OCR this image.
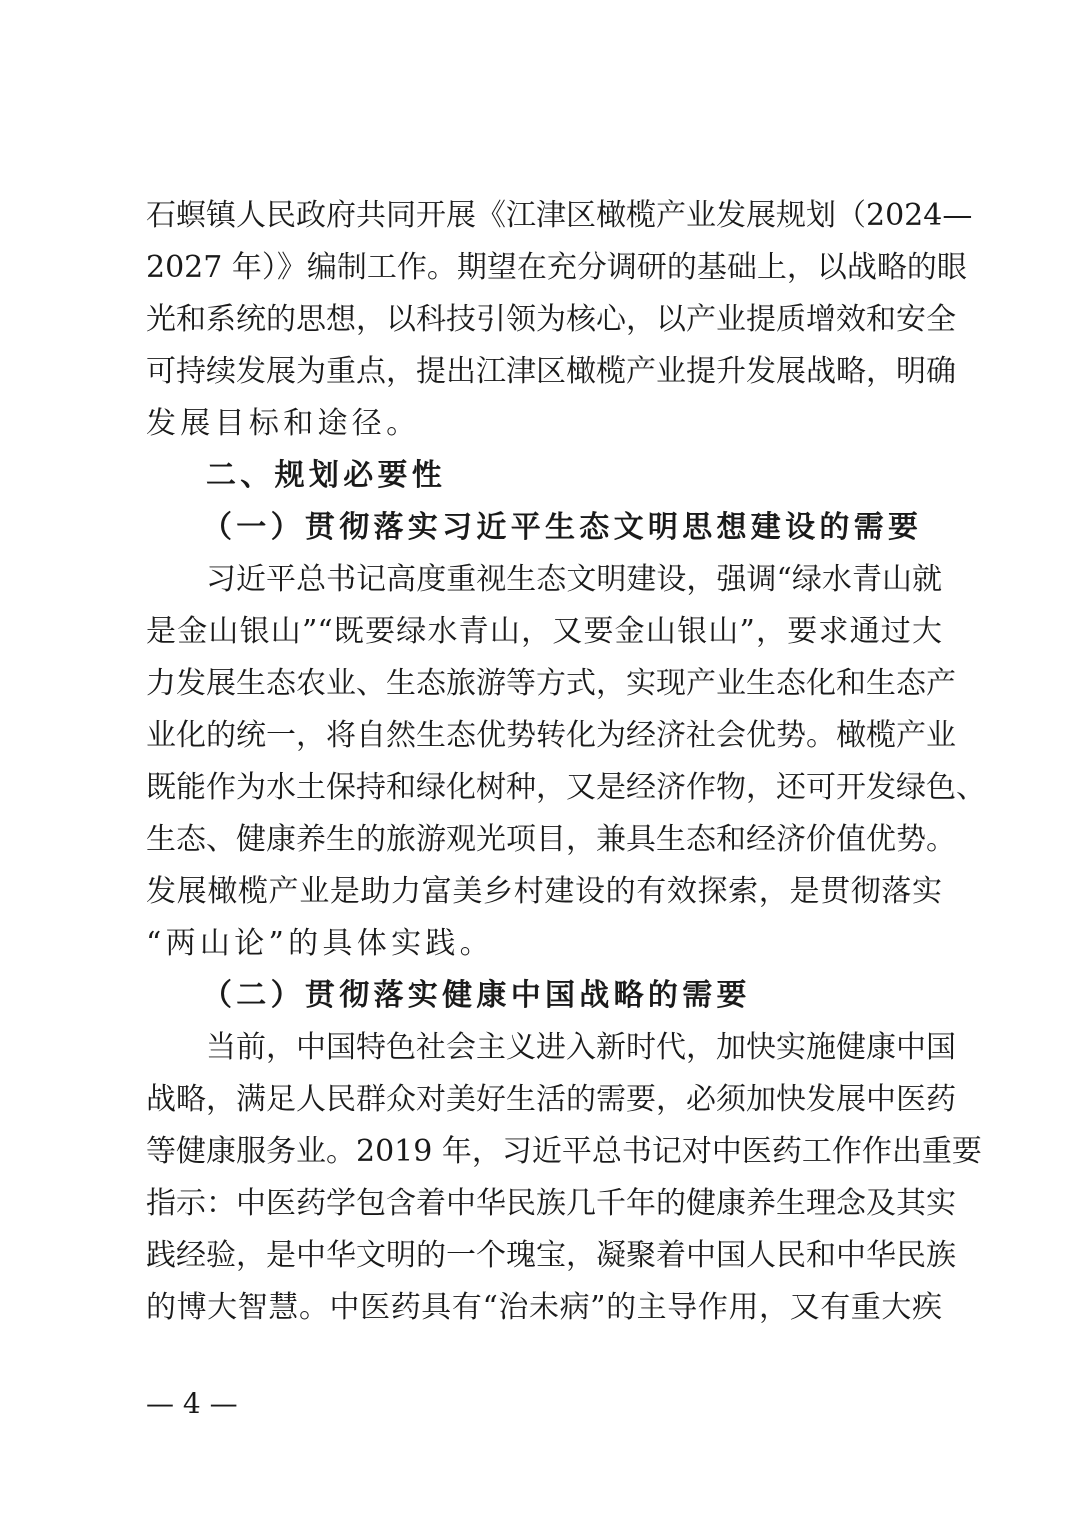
石螟镇人民政府共同开展《江津区橄榄产业发展规划（2024—
2027 年）》编制工作。期望在充分调研的基础上，以战略的眼
光和系统的思想，以科技引领为核心，以产业提质增效和安全
可持续发展为重点，提出江津区橄榄产业提升发展战略，明确
发展目标和途径。
二、规划必要性
（一）贯彻落实习近平生态文明思想建设的需要
习近平总书记高度重视生态文明建设，强调“绿水青山就
是金山银山”“既要绿水青山，又要金山银山”，要求通过大
力发展生态农业、生态旅游等方式，实现产业生态化和生态产
业化的统一，将自然生态优势转化为经济社会优势。橄榄产业
既能作为水土保持和绿化树种，又是经济作物，还可开发绿色、
生态、健康养生的旅游观光项目，兼具生态和经济价值优势。
发展橄榄产业是助力富美乡村建设的有效探索，是贯彻落实
“两山论”的具体实践。
（二）贯彻落实健康中国战略的需要
当前，中国特色社会主义进入新时代，加快实施健康中国
战略，满足人民群众对美好生活的需要，必须加快发展中医药
等健康服务业。2019 年，习近平总书记对中医药工作作出重要
指示：中医药学包含着中华民族几千年的健康养生理念及其实
践经验，是中华文明的一个瑰宝，凝聚着中国人民和中华民族
的博大智慧。中医药具有“治未病”的主导作用，又有重大疾
— 4 —
